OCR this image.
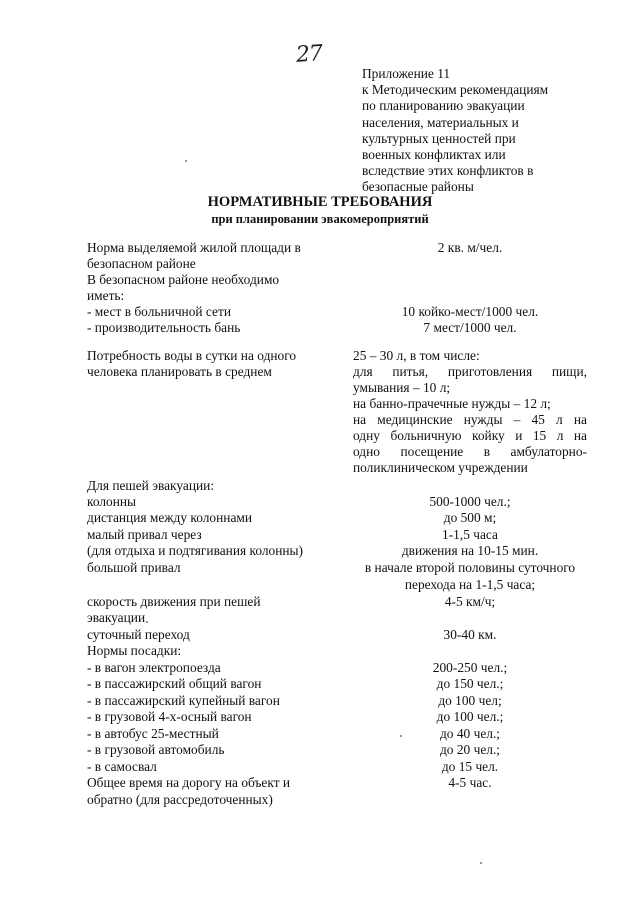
27
Приложение 11
к Методическим рекомендациям
по планированию эвакуации
населения, материальных и
культурных ценностей при
военных конфликтах или
вследствие этих конфликтов в
безопасные районы
НОРМАТИВНЫЕ ТРЕБОВАНИЯ
при планировании эвакомероприятий
Норма выделяемой жилой площади в
безопасном районе
В безопасном районе необходимо
иметь:
- мест в больничной сети
- производительность бань
Потребность воды в сутки на одного
человека планировать в среднем
Для пешей эвакуации:
колонны
дистанция между колоннами
малый привал через
(для отдыха и подтягивания колонны)
большой привал
скорость движения при пешей
эвакуации
суточный переход
Нормы посадки:
- в вагон электропоезда
- в пассажирский общий вагон
- в пассажирский купейный вагон
- в грузовой 4-х-осный вагон
- в автобус 25-местный
- в грузовой автомобиль
- в самосвал
Общее время на дорогу на объект и
обратно (для рассредоточенных)
2 кв. м/чел.
10 койко-мест/1000 чел.
7 мест/1000 чел.
25 – 30 л, в том числе:
для питья, приготовления пищи,
умывания – 10 л;
на банно-прачечные нужды – 12 л;
на медицинские нужды – 45 л на
одну больничную койку и 15 л на
одно посещение в амбулаторно-
поликлиническом учреждении
500-1000 чел.;
до 500 м;
1-1,5 часа
движения на 10-15 мин.
в начале второй половины суточного
перехода на 1-1,5 часа;
4-5 км/ч;
30-40 км.
200-250 чел.;
до 150 чел.;
до 100 чел;
до 100 чел.;
до 40 чел.;
до 20 чел.;
до 15 чел.
4-5 час.
